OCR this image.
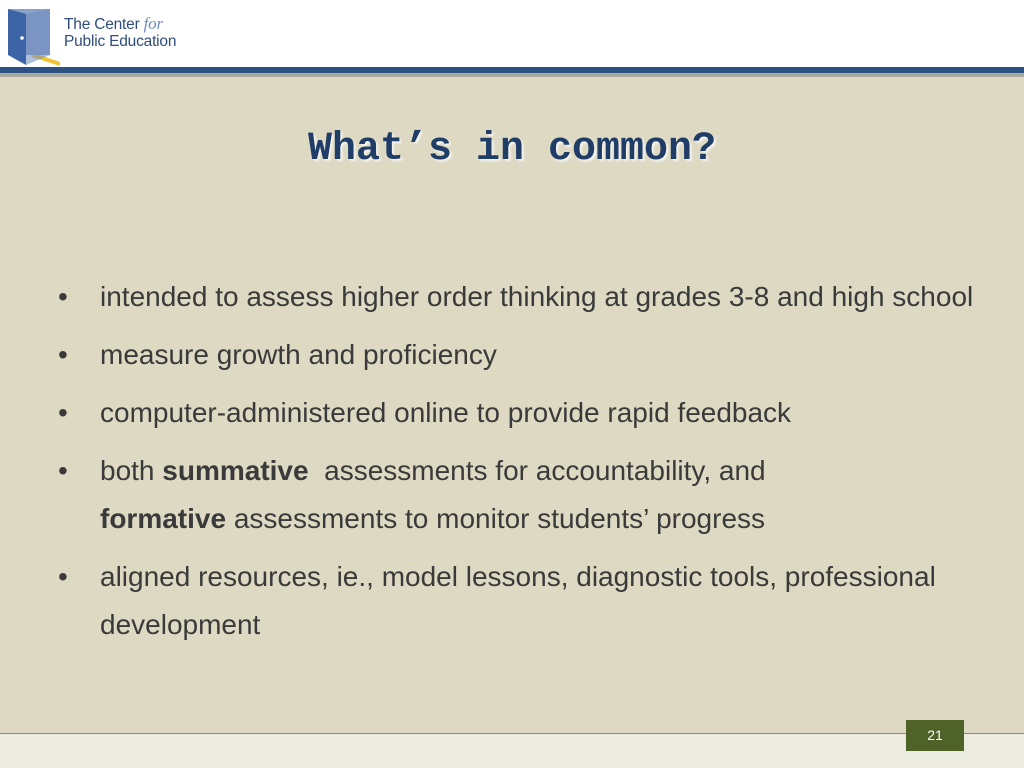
The Center for
Public Education
What’s in common?
• intended to assess higher order thinking at grades 3-8 and high school
• measure growth and proficiency
• computer-administered online to provide rapid feedback
• both summative  assessments for accountability, and
formative assessments to monitor students’ progress
• aligned resources, ie., model lessons, diagnostic tools, professional development
21
